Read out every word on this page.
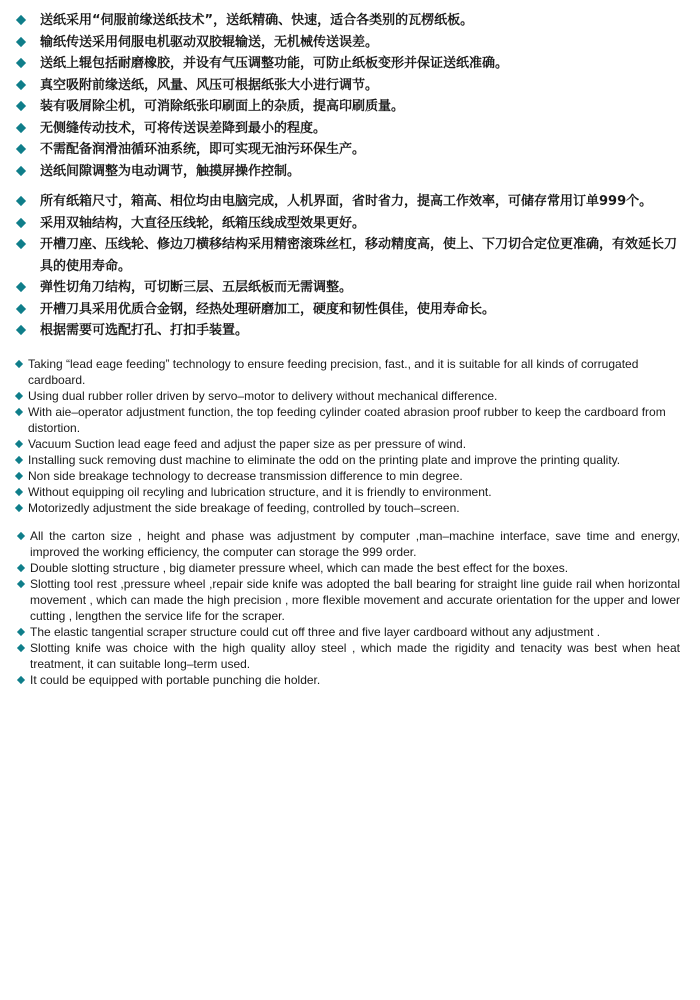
送纸采用“伺服前缘送纸技术”，送纸精确、快速，适合各类别的瓦楞纸板。
输纸传送采用伺服电机驱动双胶辊输送，无机械传送误差。
送纸上辊包括耐磨橡胶，并设有气压调整功能，可防止纸板变形并保证送纸准确。
真空吸附前缘送纸，风量、风压可根据纸张大小进行调节。
装有吸屑除尘机，可消除纸张印刷面上的杂质，提高印刷质量。
无侧缝传动技术，可将传送误差降到最小的程度。
不需配备润滑油循环油系统，即可实现无油污环保生产。
送纸间隙调整为电动调节，触摸屏操作控制。
所有纸箱尺寸，箱高、相位均由电脑完成，人机界面，省时省力，提高工作效率，可储存常用订单999个。
采用双轴结构，大直径压线轮，纸箱压线成型效果更好。
开槽刀座、压线轮、修边刀横移结构采用精密滚珠丝杠，移动精度高，使上、下刀切合定位更准确，有效延长刀具的使用寿命。
弹性切角刀结构，可切断三层、五层纸板而无需调整。
开槽刀具采用优质合金钢，经热处理研磨加工，硬度和韧性俱佳，使用寿命长。
根据需要可选配打孔、打扣手装置。
Taking “lead eage feeding” technology to ensure feeding precision, fast., and it is suitable for all kinds of corrugated cardboard.
Using dual rubber roller driven by servo–motor to delivery without mechanical difference.
With aie–operator adjustment function, the top feeding cylinder coated abrasion proof rubber to keep the cardboard from distortion.
Vacuum Suction lead eage feed and adjust the paper size as per pressure of wind.
Installing suck removing dust machine to eliminate the odd on the printing plate and improve the printing quality.
Non side breakage technology to decrease transmission difference to min degree.
Without equipping oil recyling and lubrication structure, and it is friendly to environment.
Motorizedly adjustment the side breakage of feeding, controlled by touch–screen.
All the carton size , height and phase was adjustment by computer ,man–machine interface, save time and energy, improved the working efficiency, the computer can storage the 999 order.
Double slotting structure , big diameter pressure wheel, which can made the best effect for the boxes.
Slotting tool rest ,pressure wheel ,repair side knife was adopted the ball bearing for straight line guide rail when horizontal movement , which can made the high precision , more flexible movement and accurate orientation for the upper and lower cutting , lengthen the service life for the scraper.
The elastic tangential scraper structure could cut off three and five layer cardboard without any adjustment .
Slotting knife was choice with the high quality alloy steel , which made the rigidity and tenacity was best when heat treatment, it can suitable long–term used.
It could be equipped with portable punching die holder.
